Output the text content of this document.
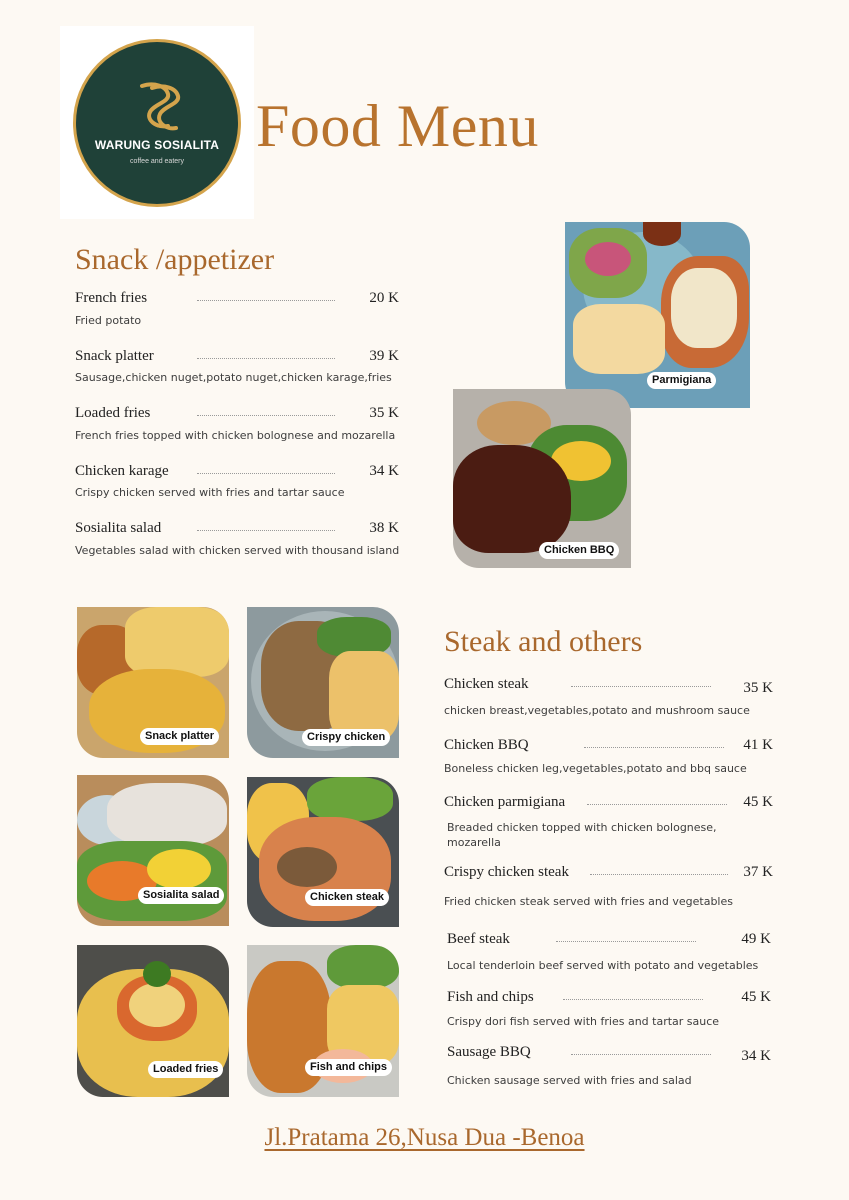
WARUNG SOSIALITA
coffee and eatery
Food Menu
Snack /appetizer
French fries	20 K
Fried potato
Snack platter	39 K
Sausage,chicken nuget,potato nuget,chicken karage,fries
Loaded fries	35 K
French fries topped with chicken bolognese and mozarella
Chicken karage	34 K
Crispy chicken served with fries and tartar sauce
Sosialita salad	38 K
Vegetables salad with chicken served with thousand island
Parmigiana
Chicken BBQ
Snack platter	Crispy chicken
Sosialita salad	Chicken steak
Loaded fries	Fish and chips
Steak and others
Chicken steak	35 K
chicken breast,vegetables,potato and mushroom sauce
Chicken BBQ	41 K
Boneless chicken leg,vegetables,potato and bbq sauce
Chicken parmigiana	45 K
Breaded chicken topped with chicken bolognese, mozarella
Crispy chicken steak	37 K
Fried chicken steak served with fries and vegetables
Beef steak	49 K
Local tenderloin beef served with potato and vegetables
Fish and chips	45 K
Crispy dori fish served with fries and tartar sauce
Sausage BBQ	34 K
Chicken sausage served with fries and salad
Jl.Pratama 26,Nusa Dua -Benoa
